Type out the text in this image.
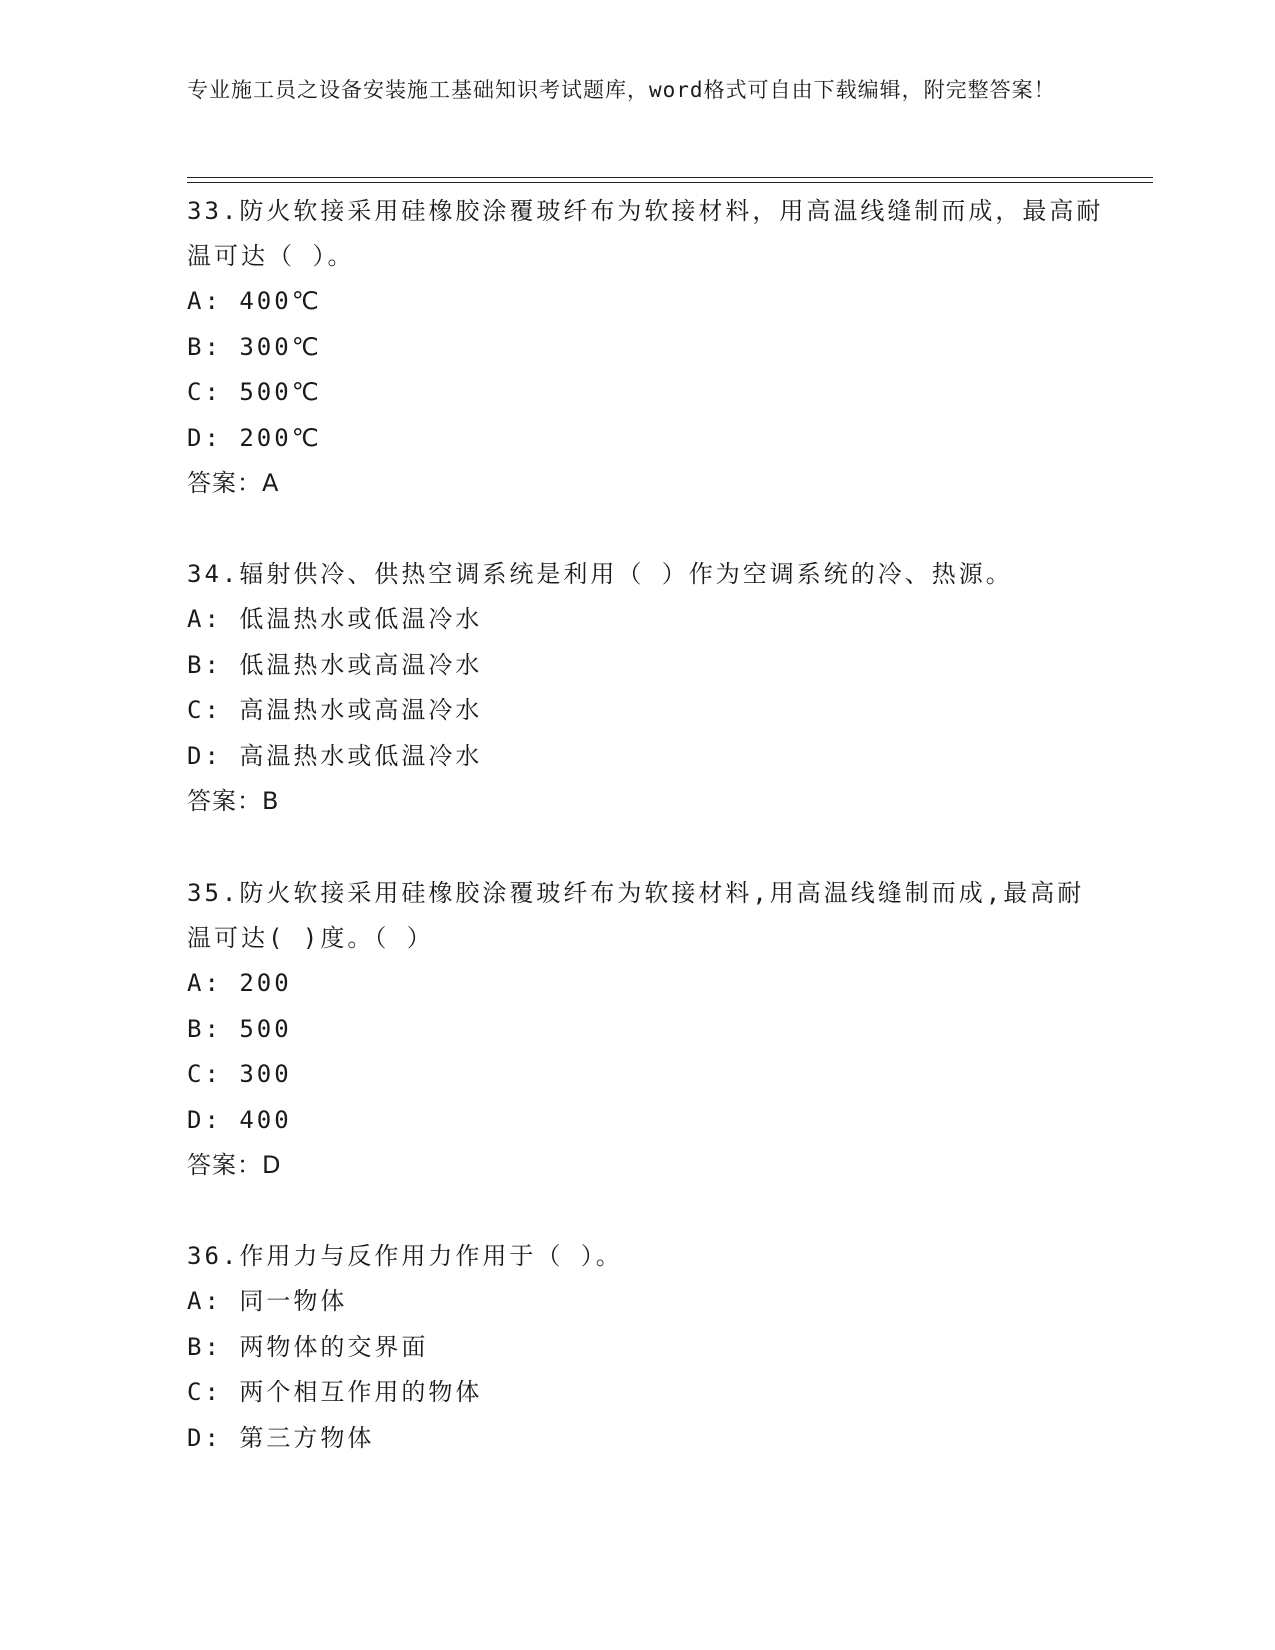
专业施工员之设备安装施工基础知识考试题库，word格式可自由下载编辑，附完整答案！
33.防火软接采用硅橡胶涂覆玻纤布为软接材料，用高温线缝制而成，最高耐温可达（ ）。
A: 400℃
B: 300℃
C: 500℃
D: 200℃
答案：A
34.辐射供冷、供热空调系统是利用（ ）作为空调系统的冷、热源。
A: 低温热水或低温冷水
B: 低温热水或高温冷水
C: 高温热水或高温冷水
D: 高温热水或低温冷水
答案：B
35.防火软接采用硅橡胶涂覆玻纤布为软接材料,用高温线缝制而成,最高耐温可达( )度。（ ）
A: 200
B: 500
C: 300
D: 400
答案：D
36.作用力与反作用力作用于（ ）。
A: 同一物体
B: 两物体的交界面
C: 两个相互作用的物体
D: 第三方物体
